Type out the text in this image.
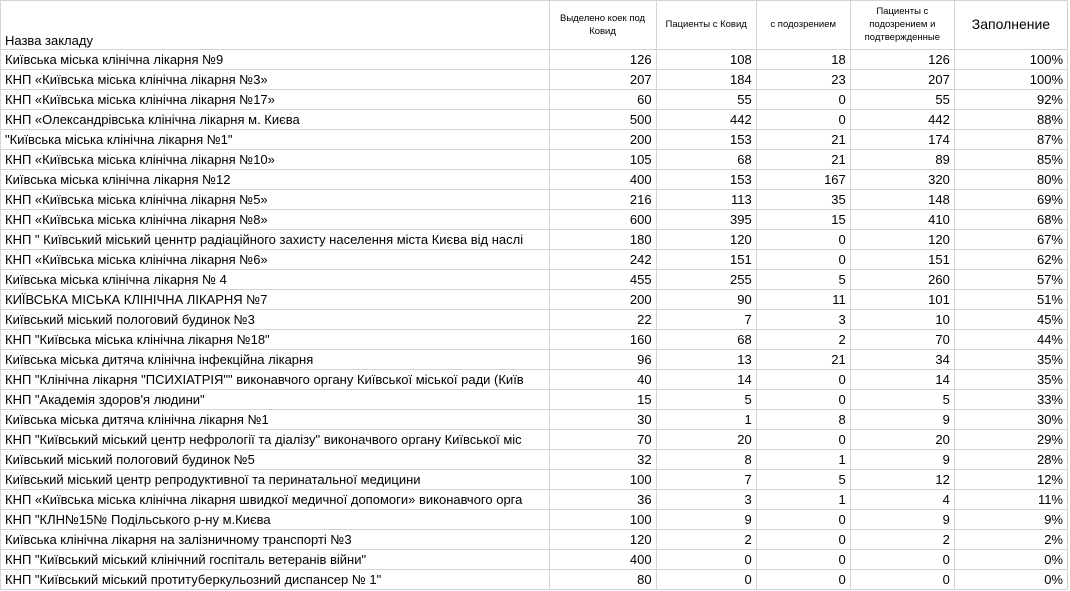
Назва закладу	Выделено коек под Ковид	Пациенты с Ковид	с подозрением	Пациенты с подозрением и подтвержденные	Заполнение
Київська міська клінічна лікарня №9	126	108	18	126	100%
КНП «Київська міська клінічна лікарня №3»	207	184	23	207	100%
КНП «Київська міська клінічна лікарня №17»	60	55	0	55	92%
КНП «Олександрівська клінічна лікарня м. Києва	500	442	0	442	88%
"Київська міська клінічна лікарня №1"	200	153	21	174	87%
КНП «Київська міська клінічна лікарня №10»	105	68	21	89	85%
Київська міська клінічна лікарня №12	400	153	167	320	80%
КНП «Київська міська клінічна лікарня №5»	216	113	35	148	69%
КНП «Київська міська клінічна лікарня №8»	600	395	15	410	68%
КНП " Київський міський ценнтр радіаційного захисту населення міста Києва від наслі	180	120	0	120	67%
КНП «Київська міська клінічна лікарня №6»	242	151	0	151	62%
Київська міська клінічна лікарня № 4	455	255	5	260	57%
КИЇВСЬКА МІСЬКА КЛІНІЧНА ЛІКАРНЯ №7	200	90	11	101	51%
Київський міський пологовий будинок №3	22	7	3	10	45%
КНП "Київська міська клінічна лікарня №18"	160	68	2	70	44%
Київська міська дитяча клінічна інфекційна лікарня	96	13	21	34	35%
КНП "Клінічна лікарня "ПСИХІАТРІЯ"" виконавчого органу Київської міської ради (Київ	40	14	0	14	35%
КНП "Академія здоров'я людини"	15	5	0	5	33%
Київська міська дитяча клінічна лікарня №1	30	1	8	9	30%
КНП "Київський міський центр нефрології та діалізу" виконачвого органу Київської міс	70	20	0	20	29%
Київський міський пологовий будинок №5	32	8	1	9	28%
Київський міський центр репродуктивної та перинатальної медицини	100	7	5	12	12%
КНП «Київська міська клінічна лікарня швидкої медичної допомоги» виконавчого орга	36	3	1	4	11%
КНП "КЛН№15№ Подільського р-ну м.Києва	100	9	0	9	9%
Київська клінічна лікарня на залізничному транспорті №3	120	2	0	2	2%
КНП "Київський міський клінічний госпіталь ветеранів війни"	400	0	0	0	0%
КНП "Київський міський протитуберкульозний диспансер № 1"	80	0	0	0	0%
